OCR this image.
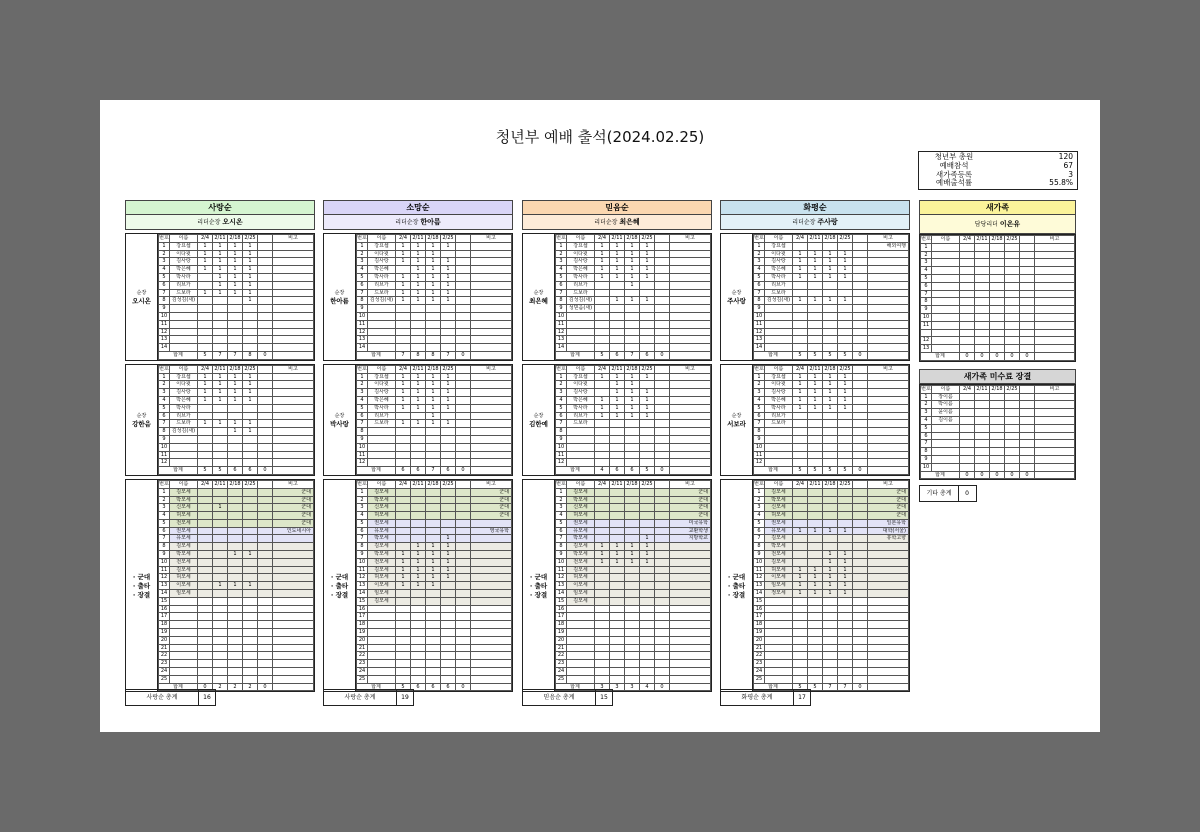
청년부 예배 출석(2024.02.25)
청년부 총원	120
예배참석	67
새가족등록	3
예배출석률	55.8%
사랑순
리더순장 오시온
순장
오시온
번호	이름	2/4	2/11	2/18	2/25		비고
1	강요셉	1	1	1	1		
2	이다윗	1	1	1	1		
3	김사랑	1	1	1	1		
4	박은혜	1	1	1	1		
5	박사라		1	1	1		
6	리브가		1	1	1		
7	드보라	1	1	1	1		
8	김성김(새)				1		
9							
10							
11							
12							
13							
14							
합계		5	7	7	8	0	
순장
강한음
번호	이름	2/4	2/11	2/18	2/25		비고
1	강요셉	1	1	1	1		
2	이다윗	1	1	1	1		
3	김사랑	1	1	1	1		
4	박은혜	1	1	1	1		
5	박사라						
6	리브가						
7	드보라	1	1	1	1		
8	김성김(새)			1	1		
9							
10							
11							
12							
합계		5	5	6	6	0	
· 군대
· 출타
· 장결
번호	이름	2/4	2/11	2/18	2/25		비고
1	김모세						군대
2	박모세						군대
3	신모세		1				군대
4	허모세						군대
5	전모세						군대
6	권모세						인도네시아
7	유모세						
8	김모세						
9	박모세			1	1		
10	전모세						
11	김모세						
12	허모세						
13	이모세		1	1	1		
14	임모세						
15							
16							
17							
18							
19							
20							
21							
22							
23							
24							
25							
합계		0	2	2	2	0	
사랑순 총계	16
소망순
리더순장 한아름
순장
한아름
번호	이름	2/4	2/11	2/18	2/25		비고
1	강요셉	1	1	1	1		
2	이다윗	1	1	1			
3	김사랑	1	1	1	1		
4	박은혜		1	1	1		
5	박사라	1	1	1	1		
6	리브가	1	1	1	1		
7	드보라	1	1	1	1		
8	김성김(새)	1	1	1	1		
9							
10							
11							
12							
13							
14							
합계		7	8	8	7	0	
순장
박사랑
번호	이름	2/4	2/11	2/18	2/25		비고
1	강요셉	1	1	1	1		
2	이다윗	1	1	1	1		
3	김사랑	1	1	1	1		
4	박은혜	1	1	1	1		
5	박사라	1	1	1	1		
6	리브가			1			
7	드보라	1	1	1	1		
8							
9							
10							
11							
12							
합계		6	6	7	6	0	
· 군대
· 출타
· 장결
번호	이름	2/4	2/11	2/18	2/25		비고
1	김모세						군대
2	박모세						군대
3	신모세						군대
4	허모세						군대
5	권모세						
6	유모세						영국유학
7	박모세				1		
8	김모세		1	1	1		
9	박모세	1	1	1	1		
10	전모세	1	1	1	1		
11	김모세	1	1	1	1		
12	허모세	1	1	1	1		
13	이모세	1	1	1			
14	임모세						
15	김모세						
16							
17							
18							
19							
20							
21							
22							
23							
24							
25							
합계		5	6	6	6	0	
사랑순 총계	19
믿음순
리더순장 최은혜
순장
최은혜
번호	이름	2/4	2/11	2/18	2/25		비고
1	강요셉	1	1	1	1		
2	이다윗	1	1	1	1		
3	김사랑	1	1	1	1		
4	박은혜	1	1	1	1		
5	박사라	1	1	1	1		
6	리브가			1			
7	드보라						
8	김성김(새)		1	1	1		
9	성믿음(새)						
10							
11							
12							
13							
14							
합계		5	6	7	6	0	
순장
김한예
번호	이름	2/4	2/11	2/18	2/25		비고
1	강요셉	1	1	1	1		
2	이다윗		1	1			
3	김사랑		1	1	1		
4	박은혜	1	1	1	1		
5	박사라	1	1	1	1		
6	리브가	1	1	1	1		
7	드보라						
8							
9							
10							
11							
12							
합계		4	6	6	5	0	
· 군대
· 출타
· 장결
번호	이름	2/4	2/11	2/18	2/25		비고
1	김모세						군대
2	박모세						군대
3	신모세						군대
4	허모세						군대
5	권모세						미국유학
6	유모세						교환학생
7	박모세				1		지방학교
8	김모세	1	1	1	1		
9	박모세	1	1	1	1		
10	전모세	1	1	1	1		
11	김모세						
12	허모세						
13	이모세						
14	임모세						
15	김모세						
16							
17							
18							
19							
20							
21							
22							
23							
24							
25							
합계		3	3	3	4	0	
믿음순 총계	15
화평순
리더순장 주사랑
순장
주사랑
번호	이름	2/4	2/11	2/18	2/25		비고
1	강요셉						해외여행
2	이다윗	1	1	1	1		
3	김사랑	1	1	1	1		
4	박은혜	1	1	1	1		
5	박사라	1	1	1	1		
6	리브가						
7	드보라						
8	김성김(새)	1	1	1	1		
9							
10							
11							
12							
13							
14							
합계		5	5	5	5	0	
순장
서보라
번호	이름	2/4	2/11	2/18	2/25		비고
1	강요셉	1	1	1	1		
2	이다윗	1	1	1	1		
3	김사랑	1	1	1	1		
4	박은혜	1	1	1	1		
5	박사라	1	1	1	1		
6	리브가						
7	드보라						
8							
9							
10							
11							
12							
합계		5	5	5	5	0	
· 군대
· 출타
· 장결
번호	이름	2/4	2/11	2/18	2/25		비고
1	김모세						군대
2	박모세						군대
3	신모세						군대
4	허모세						군대
5	권모세						일본유학
6	유모세	1	1	1	1		대학(서울)
7	김모세						휴학고향
8	박모세						
9	전모세			1	1		
10	김모세			1	1		
11	허모세	1	1	1	1		
12	이모세	1	1	1	1		
13	임모세	1	1	1	1		
14	정모세	1	1	1	1		
15							
16							
17							
18							
19							
20							
21							
22							
23							
24							
25							
합계		5	5	7	7	0	
화평순 총계	17
새가족
담당리더 이온유
번호	이름	2/4	2/11	2/18	2/25		비고
1							
2							
3							
4							
5							
6							
7							
8							
9							
10							
11							

12							
13							
합계		0	0	0	0	0	
새가족 미수료 장결
번호	이름	2/4	2/11	2/18	2/25		비고
1	장이름						
2	박이름						
3	윤이름						
4	김이름						
5							
6							
7							
8							
9							
10							
합계		0	0	0	0	0	
기타 총계	0
